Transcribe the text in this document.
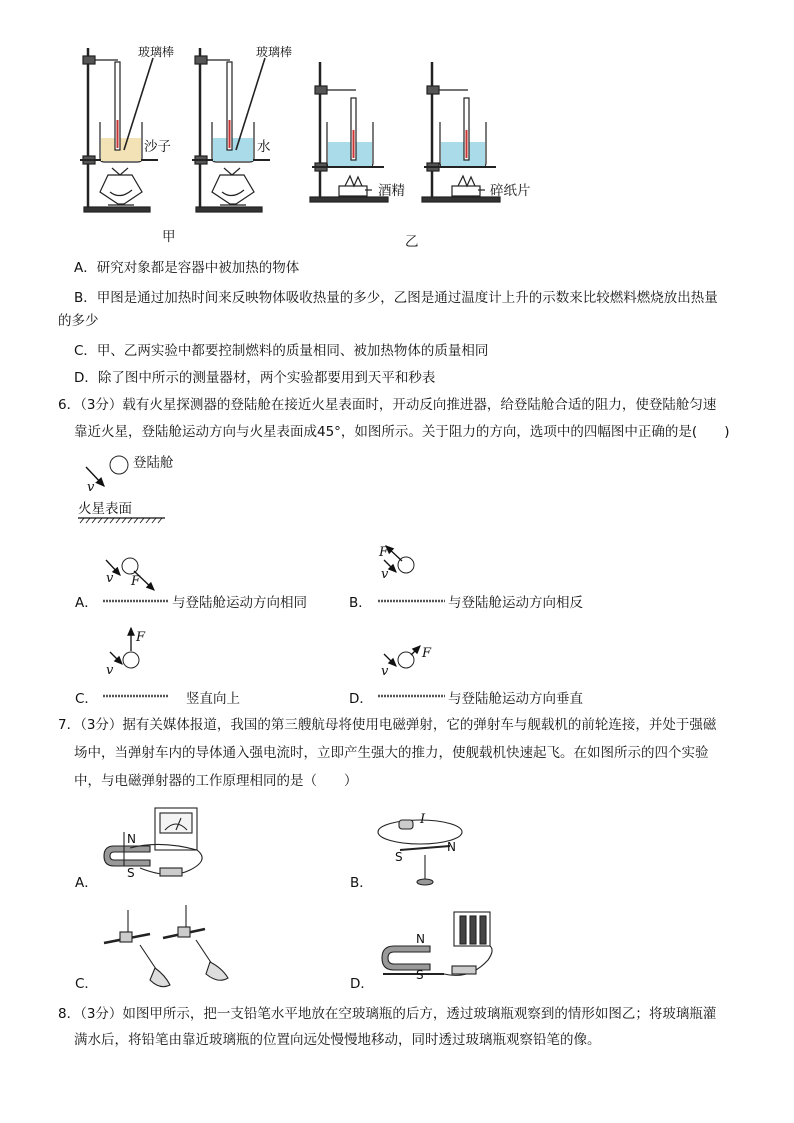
玻璃棒	玻璃棒
沙子	水
酒精	碎纸片
甲	乙
A．研究对象都是容器中被加热的物体
B．甲图是通过加热时间来反映物体吸收热量的多少，乙图是通过温度计上升的示数来比较燃料燃烧放出热量
的多少
C．甲、乙两实验中都要控制燃料的质量相同、被加热物体的质量相同
D．除了图中所示的测量器材，两个实验都要用到天平和秒表
6．（3分）载有火星探测器的登陆舱在接近火星表面时，开动反向推进器，给登陆舱合适的阻力，使登陆舱匀速
靠近火星，登陆舱运动方向与火星表面成45°，如图所示。关于阻力的方向，选项中的四幅图中正确的是(　　)
登陆舱
v
火星表面
A．
v F
与登陆舱运动方向相同	B．
F
v
与登陆舱运动方向相反
C．
F
v
竖直向上	D．
F
v
与登陆舱运动方向垂直
7．（3分）据有关媒体报道，我国的第三艘航母将使用电磁弹射，它的弹射车与舰载机的前轮连接，并处于强磁
场中，当弹射车内的导体通入强电流时，立即产生强大的推力，使舰载机快速起飞。在如图所示的四个实验
中，与电磁弹射器的工作原理相同的是（　　）
A．
N
S
B．
I
S
N
C．	D．
N
S
8．（3分）如图甲所示，把一支铅笔水平地放在空玻璃瓶的后方，透过玻璃瓶观察到的情形如图乙；将玻璃瓶灌
满水后，将铅笔由靠近玻璃瓶的位置向远处慢慢地移动，同时透过玻璃瓶观察铅笔的像。
